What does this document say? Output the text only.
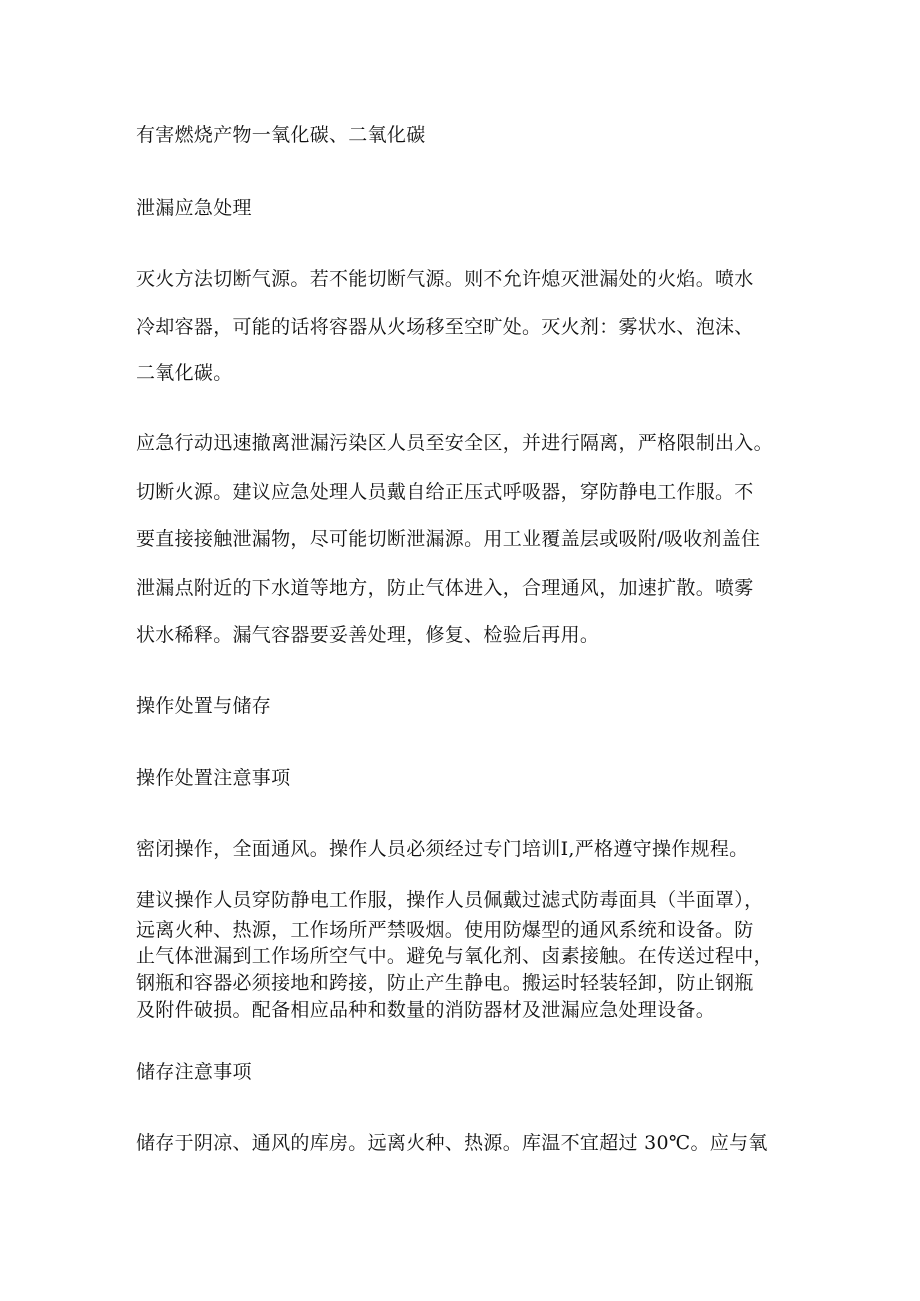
有害燃烧产物一氧化碳、二氧化碳
泄漏应急处理
灭火方法切断气源。若不能切断气源。则不允许熄灭泄漏处的火焰。喷水
冷却容器，可能的话将容器从火场移至空旷处。灭火剂：雾状水、泡沫、
二氧化碳。
应急行动迅速撤离泄漏污染区人员至安全区，并进行隔离，严格限制出入。
切断火源。建议应急处理人员戴自给正压式呼吸器，穿防静电工作服。不
要直接接触泄漏物，尽可能切断泄漏源。用工业覆盖层或吸附/吸收剂盖住
泄漏点附近的下水道等地方，防止气体进入，合理通风，加速扩散。喷雾
状水稀释。漏气容器要妥善处理，修复、检验后再用。
操作处置与储存
操作处置注意事项
密闭操作，全面通风。操作人员必须经过专门培训I,严格遵守操作规程。
建议操作人员穿防静电工作服，操作人员佩戴过滤式防毒面具（半面罩），
远离火种、热源，工作场所严禁吸烟。使用防爆型的通风系统和设备。防
止气体泄漏到工作场所空气中。避免与氧化剂、卤素接触。在传送过程中，
钢瓶和容器必须接地和跨接，防止产生静电。搬运时轻装轻卸，防止钢瓶
及附件破损。配备相应品种和数量的消防器材及泄漏应急处理设备。
储存注意事项
储存于阴凉、通风的库房。远离火种、热源。库温不宜超过 30℃。应与氧
